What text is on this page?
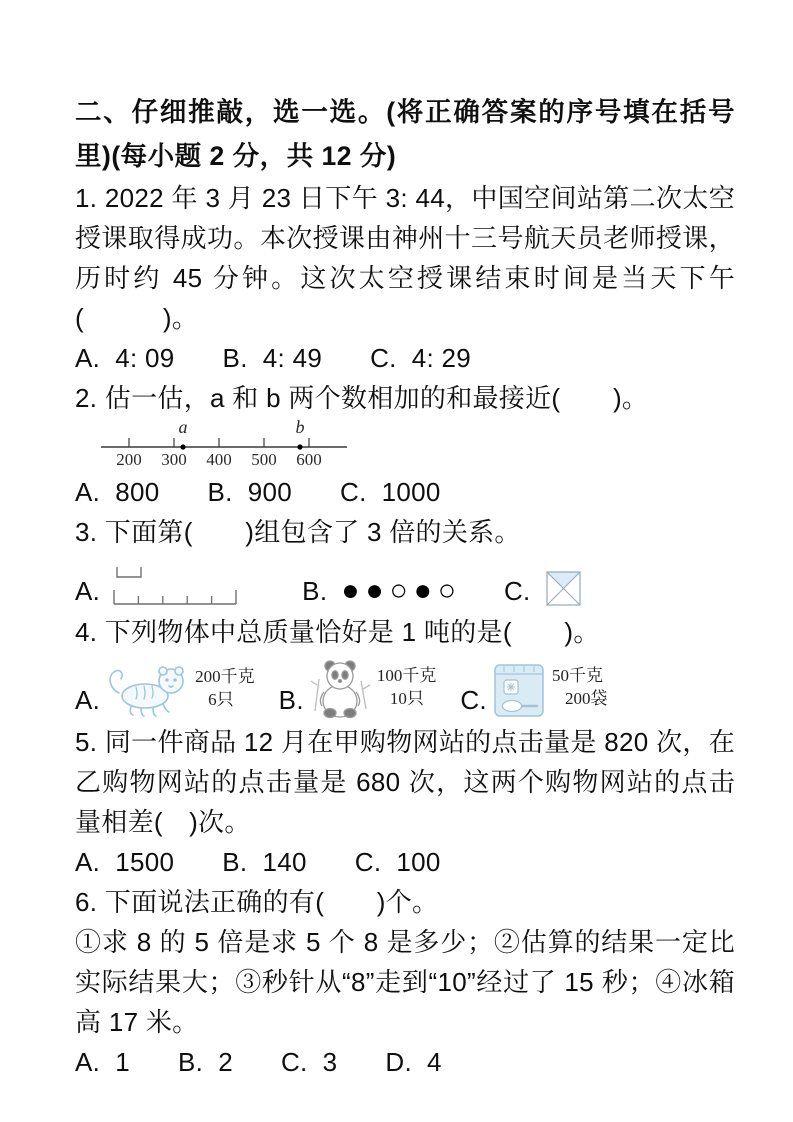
二、仔细推敲，选一选。(将正确答案的序号填在括号里)(每小题 2 分，共 12 分)

1. 2022 年 3 月 23 日下午 3: 44，中国空间站第二次太空授课取得成功。本次授课由神州十三号航天员老师授课，历时约 45 分钟。这次太空授课结束时间是当天下午(　　　)。

A.  4: 09 B.  4: 49 C.  4: 29

2. 估一估，a 和 b 两个数相加的和最接近(　　)。

200 300 400 500 600
a	b
A.  800 B.  900 C.  1000

3. 下面第(　　)组包含了 3 倍的关系。

A.	B. ●●○●○ C.

4. 下列物体中总质量恰好是 1 吨的是(　　)。

A.
200千克
6只	B.
100千克
10只	C.
50千克
200袋

5. 同一件商品 12 月在甲购物网站的点击量是 820 次，在乙购物网站的点击量是 680 次，这两个购物网站的点击量相差(　)次。

A.  1500 B.  140 C.  100

6. 下面说法正确的有(　　)个。

①求 8 的 5 倍是求 5 个 8 是多少；②估算的结果一定比实际结果大；③秒针从“8”走到“10”经过了 15 秒；④冰箱高 17 米。

A.  1 B.  2 C.  3 D.  4
